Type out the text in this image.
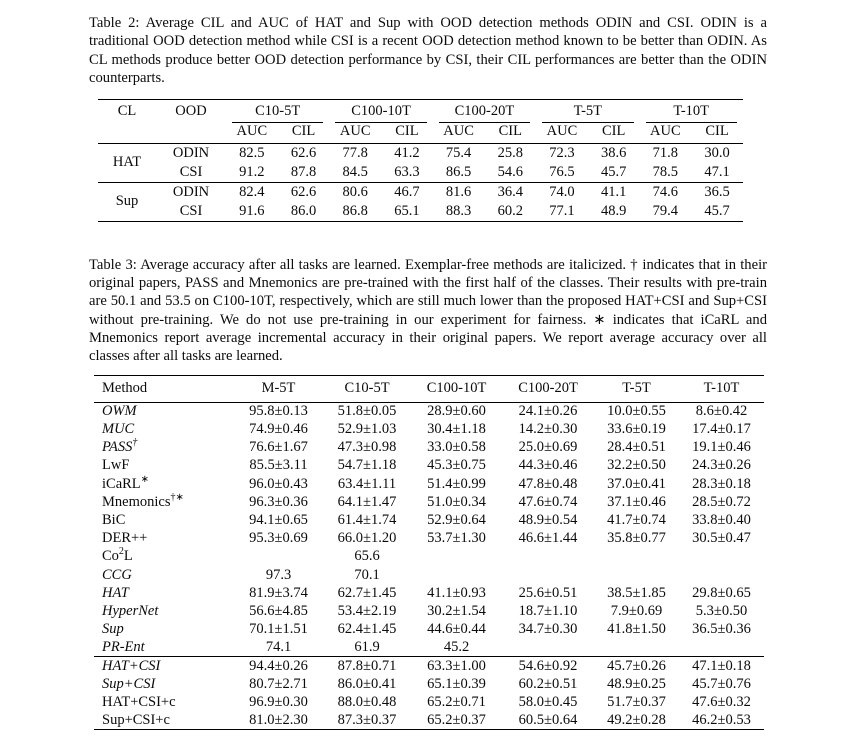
Table 2: Average CIL and AUC of HAT and Sup with OOD detection methods ODIN and CSI. ODIN is a traditional OOD detection method while CSI is a recent OOD detection method known to be better than ODIN. As CL methods produce better OOD detection performance by CSI, their CIL performances are better than the ODIN counterparts.

CL	OOD	C10-5T		C100-10T		C100-20T		T-5T		T-10T	
		AUC	CIL	AUC	CIL	AUC	CIL	AUC	CIL	AUC	CIL
HAT	ODIN	82.5	62.6	77.8	41.2	75.4	25.8	72.3	38.6	71.8	30.0
	CSI	91.2	87.8	84.5	63.3	86.5	54.6	76.5	45.7	78.5	47.1
Sup	ODIN	82.4	62.6	80.6	46.7	81.6	36.4	74.0	41.1	74.6	36.5
	CSI	91.6	86.0	86.8	65.1	88.3	60.2	77.1	48.9	79.4	45.7

Table 3: Average accuracy after all tasks are learned. Exemplar-free methods are italicized. † indicates that in their original papers, PASS and Mnemonics are pre-trained with the first half of the classes. Their results with pre-train are 50.1 and 53.5 on C100-10T, respectively, which are still much lower than the proposed HAT+CSI and Sup+CSI without pre-training. We do not use pre-training in our experiment for fairness. ∗ indicates that iCaRL and Mnemonics report average incremental accuracy in their original papers. We report average accuracy over all classes after all tasks are learned.

Method	M-5T	C10-5T	C100-10T	C100-20T	T-5T	T-10T
OWM	95.8±0.13	51.8±0.05	28.9±0.60	24.1±0.26	10.0±0.55	8.6±0.42
MUC	74.9±0.46	52.9±1.03	30.4±1.18	14.2±0.30	33.6±0.19	17.4±0.17
PASS†	76.6±1.67	47.3±0.98	33.0±0.58	25.0±0.69	28.4±0.51	19.1±0.46
LwF	85.5±3.11	54.7±1.18	45.3±0.75	44.3±0.46	32.2±0.50	24.3±0.26
iCaRL∗	96.0±0.43	63.4±1.11	51.4±0.99	47.8±0.48	37.0±0.41	28.3±0.18
Mnemonics†∗	96.3±0.36	64.1±1.47	51.0±0.34	47.6±0.74	37.1±0.46	28.5±0.72
BiC	94.1±0.65	61.4±1.74	52.9±0.64	48.9±0.54	41.7±0.74	33.8±0.40
DER++	95.3±0.69	66.0±1.20	53.7±1.30	46.6±1.44	35.8±0.77	30.5±0.47
Co$^2$L		65.6				
CCG	97.3	70.1				
HAT	81.9±3.74	62.7±1.45	41.1±0.93	25.6±0.51	38.5±1.85	29.8±0.65
HyperNet	56.6±4.85	53.4±2.19	30.2±1.54	18.7±1.10	7.9±0.69	5.3±0.50
Sup	70.1±1.51	62.4±1.45	44.6±0.44	34.7±0.30	41.8±1.50	36.5±0.36
PR-Ent	74.1	61.9	45.2			
HAT+CSI	94.4±0.26	87.8±0.71	63.3±1.00	54.6±0.92	45.7±0.26	47.1±0.18
Sup+CSI	80.7±2.71	86.0±0.41	65.1±0.39	60.2±0.51	48.9±0.25	45.7±0.76
HAT+CSI+c	96.9±0.30	88.0±0.48	65.2±0.71	58.0±0.45	51.7±0.37	47.6±0.32
Sup+CSI+c	81.0±2.30	87.3±0.37	65.2±0.37	60.5±0.64	49.2±0.28	46.2±0.53
